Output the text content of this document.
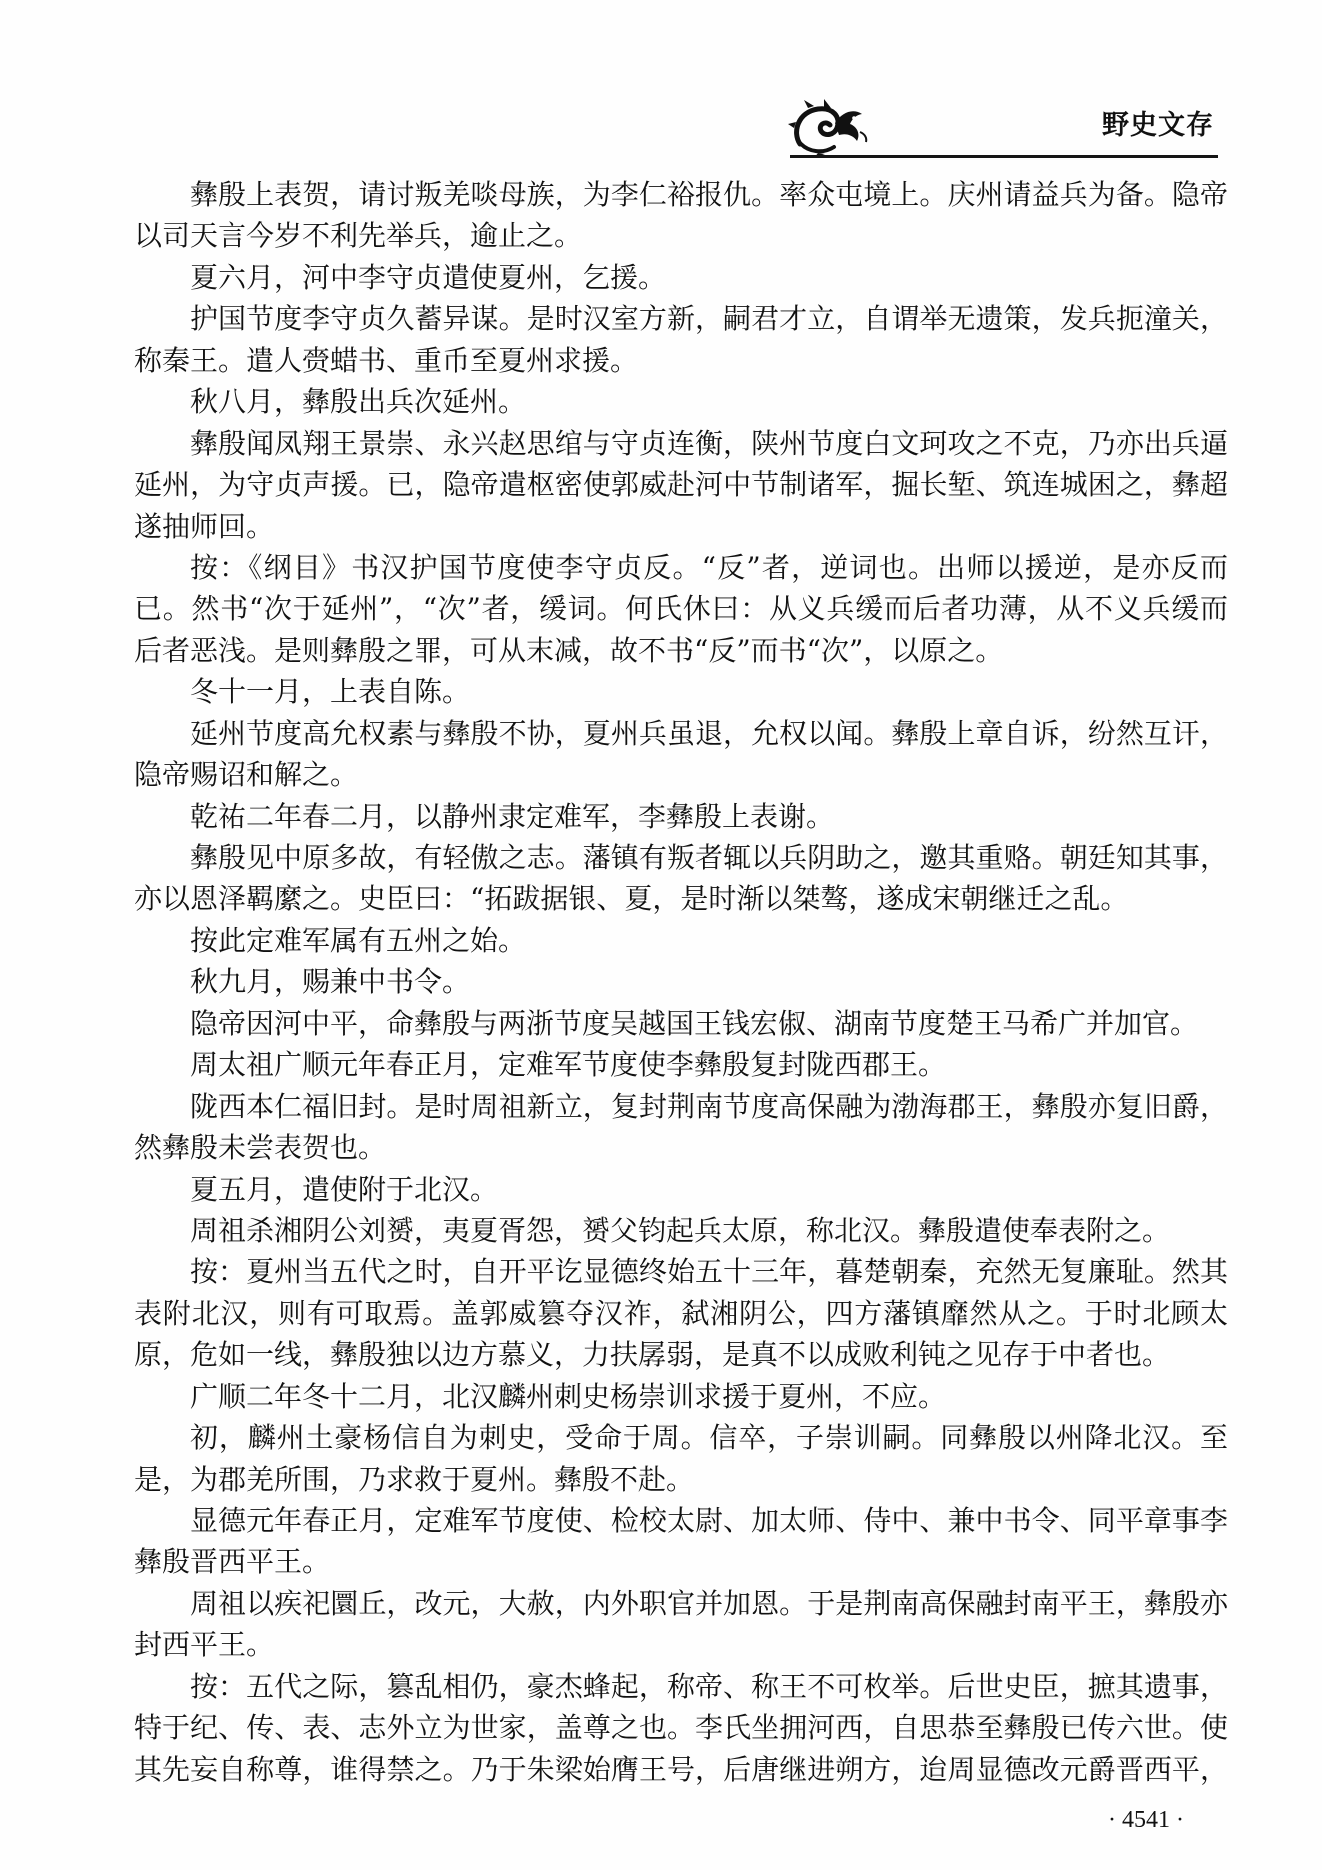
野史文存
彝殷上表贺，请讨叛羌啖母族，为李仁裕报仇。率众屯境上。庆州请益兵为备。隐帝
以司天言今岁不利先举兵，逾止之。
夏六月，河中李守贞遣使夏州，乞援。
护国节度李守贞久蓄异谋。是时汉室方新，嗣君才立，自谓举无遗策，发兵扼潼关，
称秦王。遣人赍蜡书、重币至夏州求援。
秋八月，彝殷出兵次延州。
彝殷闻凤翔王景崇、永兴赵思绾与守贞连衡，陕州节度白文珂攻之不克，乃亦出兵逼
延州，为守贞声援。已，隐帝遣枢密使郭威赴河中节制诸军，掘长堑、筑连城困之，彝超
遂抽师回。
按：《纲目》书汉护国节度使李守贞反。“反”者，逆词也。出师以援逆，是亦反而
已。然书“次于延州”，“次”者，缓词。何氏休曰：从义兵缓而后者功薄，从不义兵缓而
后者恶浅。是则彝殷之罪，可从末减，故不书“反”而书“次”，以原之。
冬十一月，上表自陈。
延州节度高允权素与彝殷不协，夏州兵虽退，允权以闻。彝殷上章自诉，纷然互讦，
隐帝赐诏和解之。
乾祐二年春二月，以静州隶定难军，李彝殷上表谢。
彝殷见中原多故，有轻傲之志。藩镇有叛者辄以兵阴助之，邀其重赂。朝廷知其事，
亦以恩泽羁縻之。史臣曰：“拓跋据银、夏，是时渐以桀骜，遂成宋朝继迁之乱。
按此定难军属有五州之始。
秋九月，赐兼中书令。
隐帝因河中平，命彝殷与两浙节度吴越国王钱宏俶、湖南节度楚王马希广并加官。
周太祖广顺元年春正月，定难军节度使李彝殷复封陇西郡王。
陇西本仁福旧封。是时周祖新立，复封荆南节度高保融为渤海郡王，彝殷亦复旧爵，
然彝殷未尝表贺也。
夏五月，遣使附于北汉。
周祖杀湘阴公刘赟，夷夏胥怨，赟父钧起兵太原，称北汉。彝殷遣使奉表附之。
按：夏州当五代之时，自开平讫显德终始五十三年，暮楚朝秦，充然无复廉耻。然其
表附北汉，则有可取焉。盖郭威篡夺汉祚，弑湘阴公，四方藩镇靡然从之。于时北顾太
原，危如一线，彝殷独以边方慕义，力扶孱弱，是真不以成败利钝之见存于中者也。
广顺二年冬十二月，北汉麟州刺史杨崇训求援于夏州，不应。
初，麟州土豪杨信自为刺史，受命于周。信卒，子崇训嗣。同彝殷以州降北汉。至
是，为郡羌所围，乃求救于夏州。彝殷不赴。
显德元年春正月，定难军节度使、检校太尉、加太师、侍中、兼中书令、同平章事李
彝殷晋西平王。
周祖以疾祀圜丘，改元，大赦，内外职官并加恩。于是荆南高保融封南平王，彝殷亦
封西平王。
按：五代之际，篡乱相仍，豪杰蜂起，称帝、称王不可枚举。后世史臣，摭其遗事，
特于纪、传、表、志外立为世家，盖尊之也。李氏坐拥河西，自思恭至彝殷已传六世。使
其先妄自称尊，谁得禁之。乃于朱梁始膺王号，后唐继进朔方，迨周显德改元爵晋西平，
· 4541 ·
